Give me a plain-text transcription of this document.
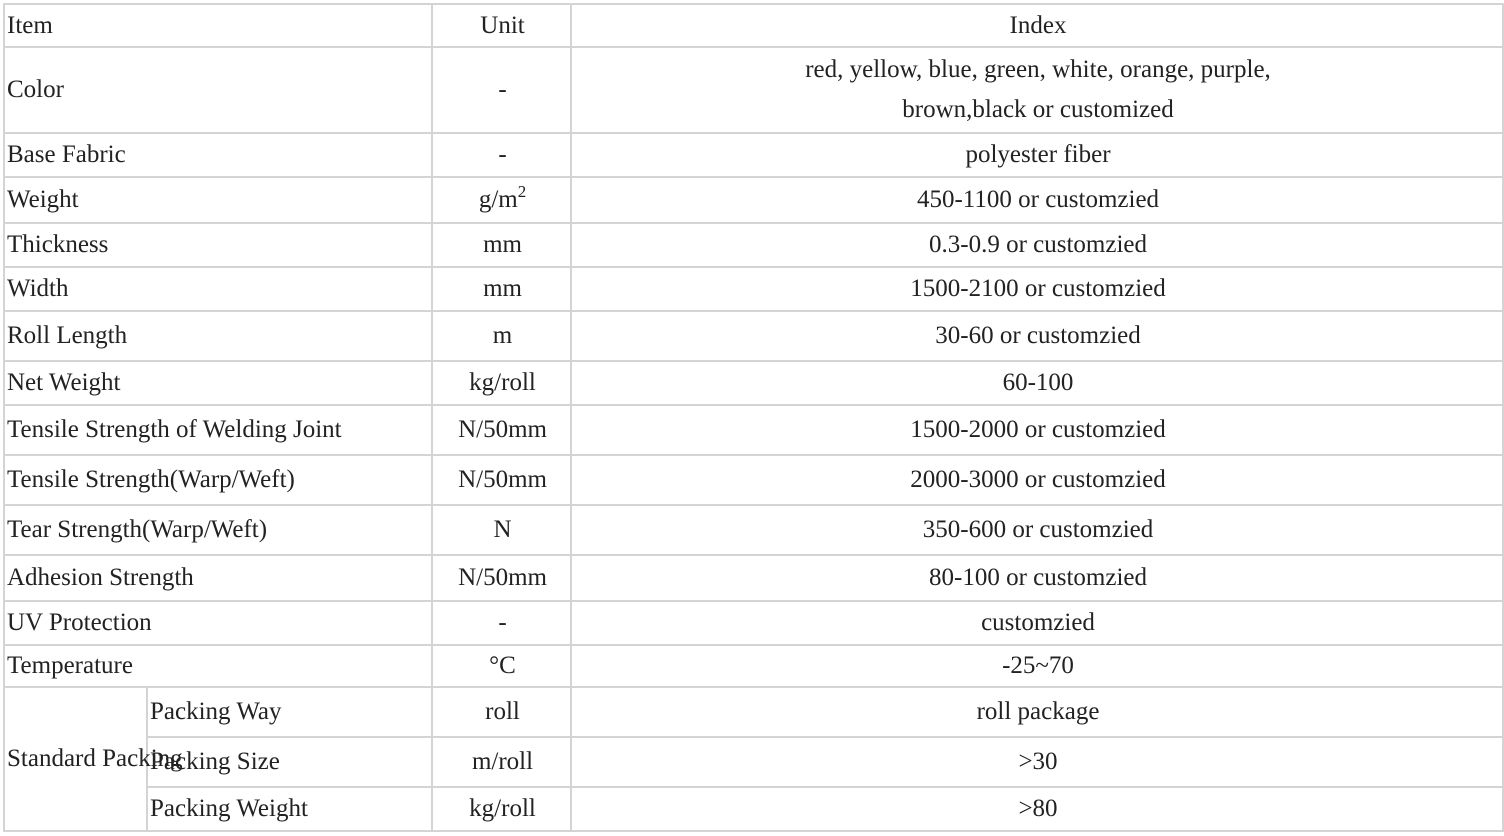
Item		Unit	Index
Color		-	red, yellow, blue, green, white, orange, purple,
brown,black or customized

Base Fabric		-	polyester fiber
Weight		$g/m^2$	450-1100 or customzied
Thickness		mm	0.3-0.9 or customzied
Width		mm	1500-2100 or customzied
Roll Length		m	30-60 or customzied
Net Weight		kg/roll	60-100
Tensile Strength of Welding Joint		N/50mm	1500-2000 or customzied
Tensile Strength(Warp/Weft)		N/50mm	2000-3000 or customzied
Tear Strength(Warp/Weft)		N	350-600 or customzied
Adhesion Strength		N/50mm	80-100 or customzied
UV Protection		-	customzied
Temperature		°C	-25~70
Standard Packing	Packing Way	roll	roll package
	Packing Size	m/roll	>30
	Packing Weight	kg/roll	>80
